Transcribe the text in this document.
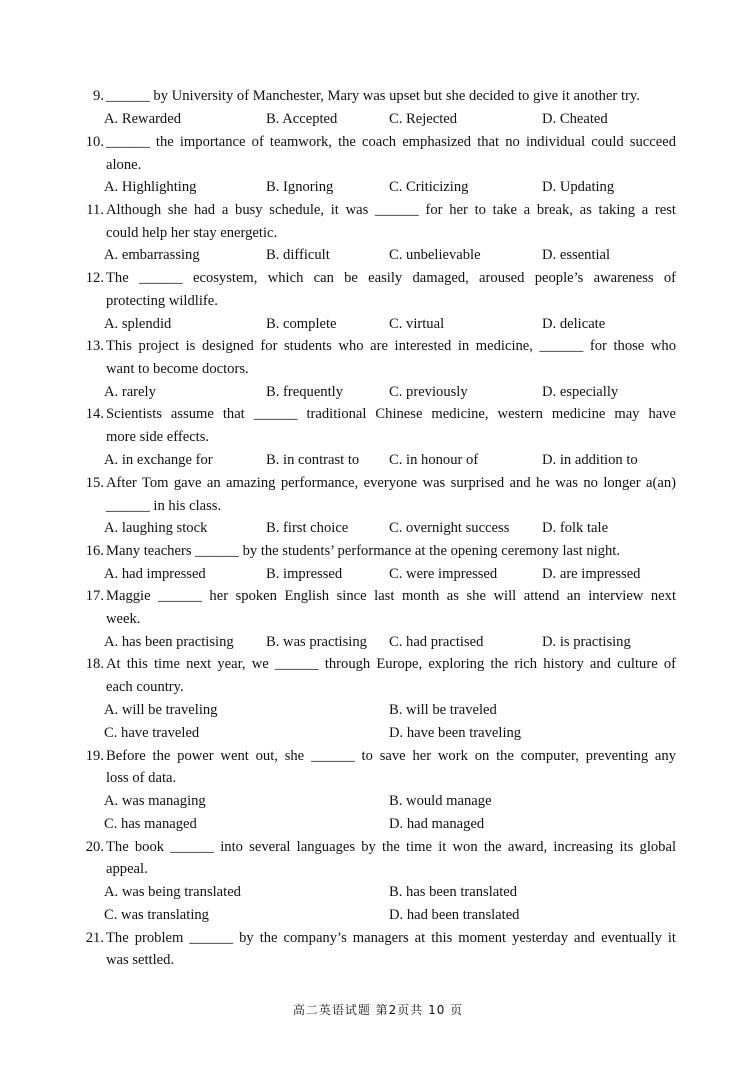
9. ______ by University of Manchester, Mary was upset but she decided to give it another try.
A. Rewarded	B. Accepted	C. Rejected	D. Cheated
10. ______ the importance of teamwork, the coach emphasized that no individual could succeed
alone.
A. Highlighting	B. Ignoring	C. Criticizing	D. Updating
11. Although she had a busy schedule, it was ______ for her to take a break, as taking a rest
could help her stay energetic.
A. embarrassing	B. difficult	C. unbelievable	D. essential
12. The ______ ecosystem, which can be easily damaged, aroused people’s awareness of
protecting wildlife.
A. splendid	B. complete	C. virtual	D. delicate
13. This project is designed for students who are interested in medicine, ______ for those who
want to become doctors.
A. rarely	B. frequently	C. previously	D. especially
14. Scientists assume that ______ traditional Chinese medicine, western medicine may have
more side effects.
A. in exchange for	B. in contrast to C. in honour of	D. in addition to
15. After Tom gave an amazing performance, everyone was surprised and he was no longer a(an)
______ in his class.
A. laughing stock	B. first choice	C. overnight success D. folk tale
16. Many teachers ______ by the students’ performance at the opening ceremony last night.
A. had impressed	B. impressed	C. were impressed	D. are impressed
17. Maggie ______ her spoken English since last month as she will attend an interview next
week.
A. has been practising B. was practising C. had practised	D. is practising
18. At this time next year, we ______ through Europe, exploring the rich history and culture of
each country.
A. will be traveling	B. will be traveled
C. have traveled	D. have been traveling
19. Before the power went out, she ______ to save her work on the computer, preventing any
loss of data.
A. was managing	B. would manage
C. has managed	D. had managed
20. The book ______ into several languages by the time it won the award, increasing its global
appeal.
A. was being translated	B. has been translated
C. was translating	D. had been translated
21. The problem ______ by the company’s managers at this moment yesterday and eventually it
was settled.
高二英语试题 第2页共 10 页
